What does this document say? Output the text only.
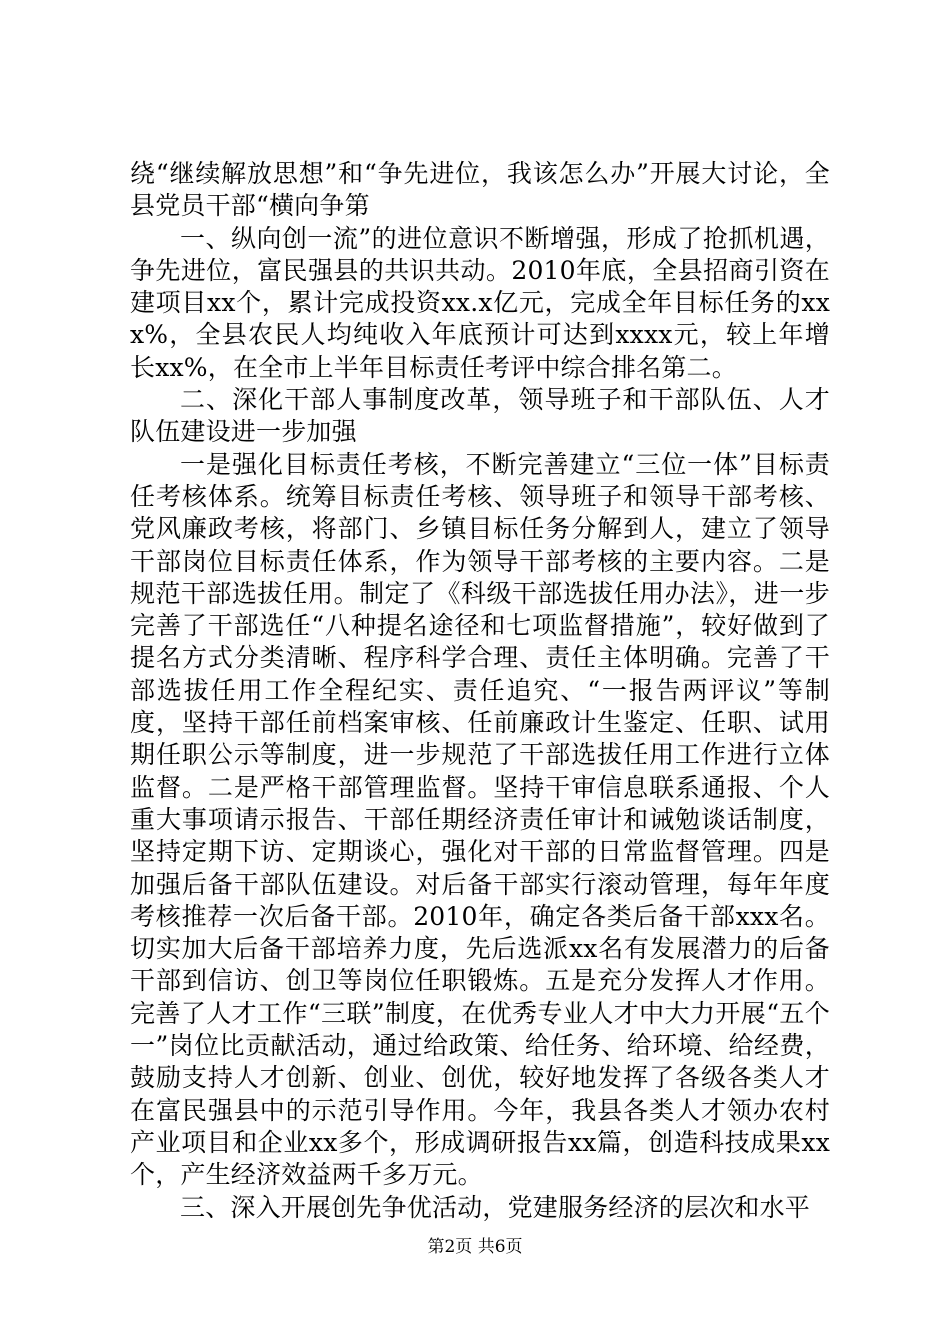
绕“继续解放思想”和“争先进位，我该怎么办”开展大讨论，全县党员干部“横向争第

一、纵向创一流”的进位意识不断增强，形成了抢抓机遇，争先进位，富民强县的共识共动。2010年底，全县招商引资在建项目xx个，累计完成投资xx.x亿元，完成全年目标任务的xxx%，全县农民人均纯收入年底预计可达到xxxx元，较上年增长xx%，在全市上半年目标责任考评中综合排名第二。

二、深化干部人事制度改革，领导班子和干部队伍、人才队伍建设进一步加强

一是强化目标责任考核，不断完善建立“三位一体”目标责任考核体系。统筹目标责任考核、领导班子和领导干部考核、党风廉政考核，将部门、乡镇目标任务分解到人，建立了领导干部岗位目标责任体系，作为领导干部考核的主要内容。二是规范干部选拔任用。制定了《科级干部选拔任用办法》，进一步完善了干部选任“八种提名途径和七项监督措施”，较好做到了提名方式分类清晰、程序科学合理、责任主体明确。完善了干部选拔任用工作全程纪实、责任追究、“一报告两评议”等制度，坚持干部任前档案审核、任前廉政计生鉴定、任职、试用期任职公示等制度，进一步规范了干部选拔任用工作进行立体监督。二是严格干部管理监督。坚持干审信息联系通报、个人重大事项请示报告、干部任期经济责任审计和诫勉谈话制度，坚持定期下访、定期谈心，强化对干部的日常监督管理。四是加强后备干部队伍建设。对后备干部实行滚动管理，每年年度考核推荐一次后备干部。2010年，确定各类后备干部xxx名。切实加大后备干部培养力度，先后选派xx名有发展潜力的后备干部到信访、创卫等岗位任职锻炼。五是充分发挥人才作用。完善了人才工作“三联”制度，在优秀专业人才中大力开展“五个一”岗位比贡献活动，通过给政策、给任务、给环境、给经费，鼓励支持人才创新、创业、创优，较好地发挥了各级各类人才在富民强县中的示范引导作用。今年，我县各类人才领办农村产业项目和企业xx多个，形成调研报告xx篇，创造科技成果xx个，产生经济效益两千多万元。

三、深入开展创先争优活动，党建服务经济的层次和水平

第2页 共6页
